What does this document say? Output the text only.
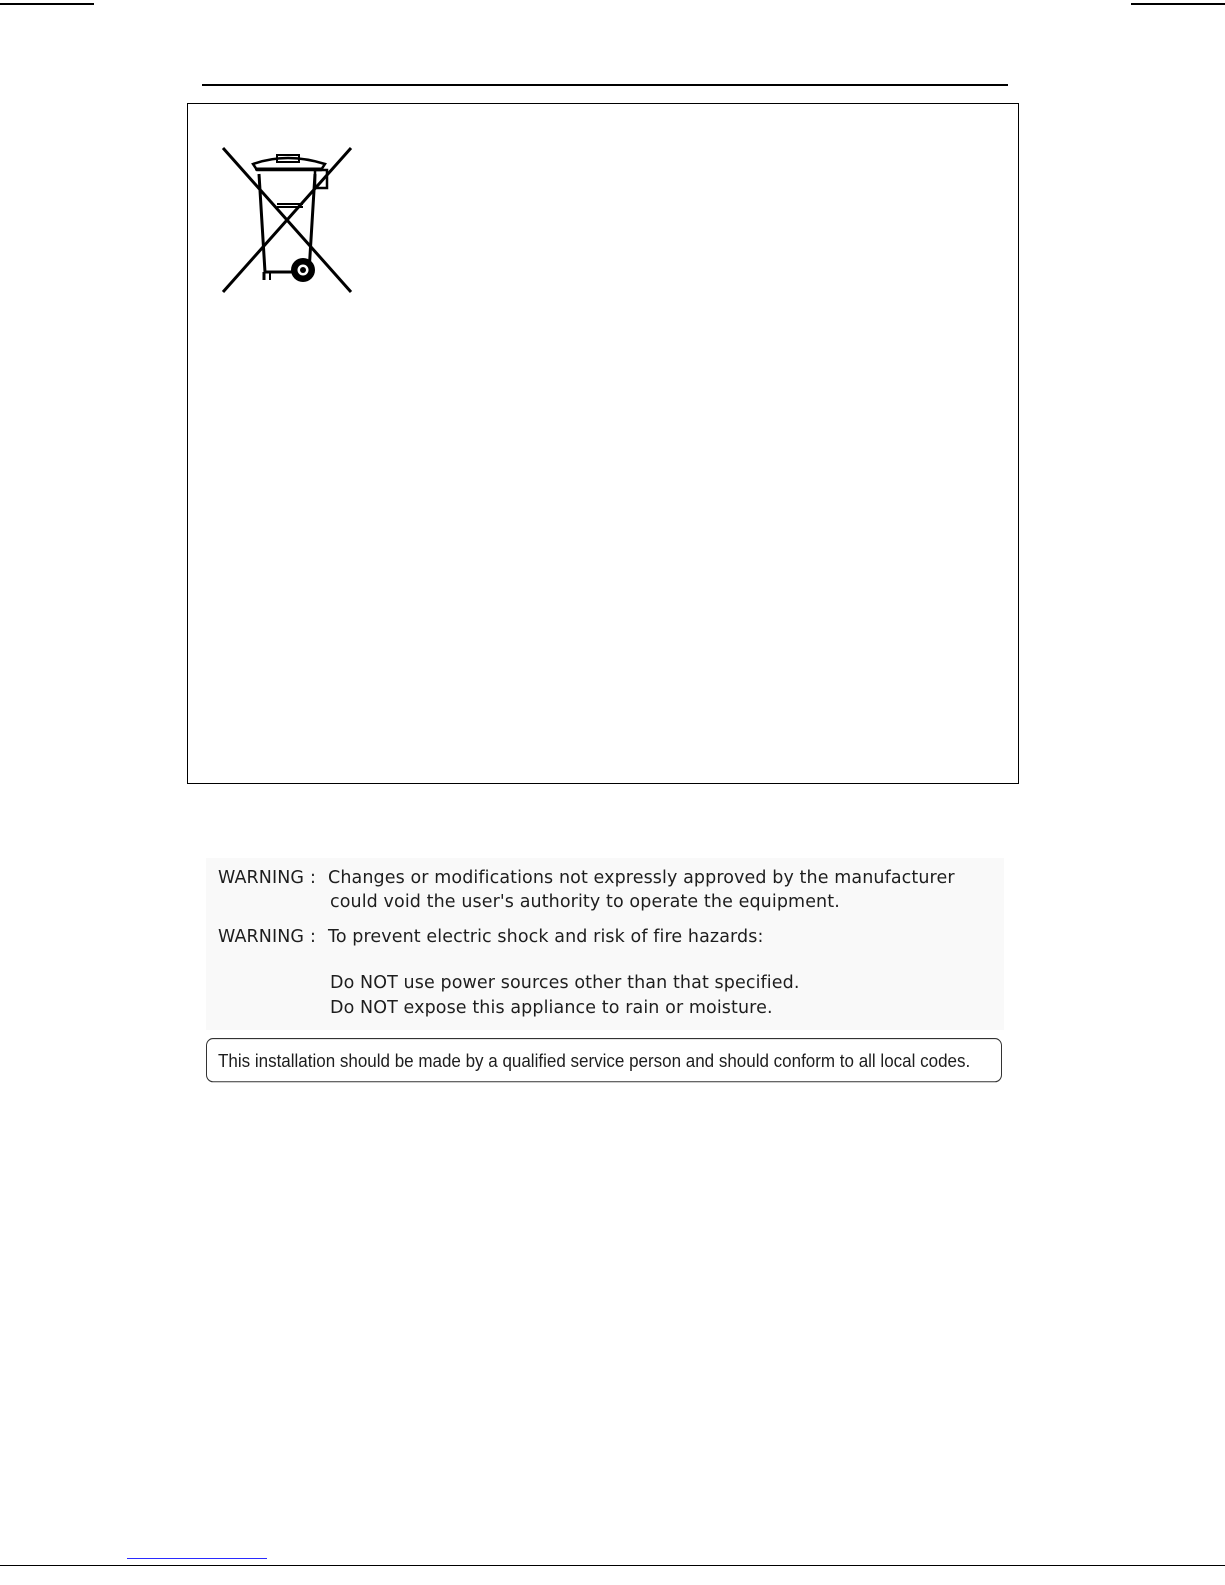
WARNING : Changes or modifications not expressly approved by the manufacturer
could void the user's authority to operate the equipment.
WARNING : To prevent electric shock and risk of fire hazards:
Do NOT use power sources other than that specified.
Do NOT expose this appliance to rain or moisture.
This installation should be made by a qualified service person and should conform to all local codes.
